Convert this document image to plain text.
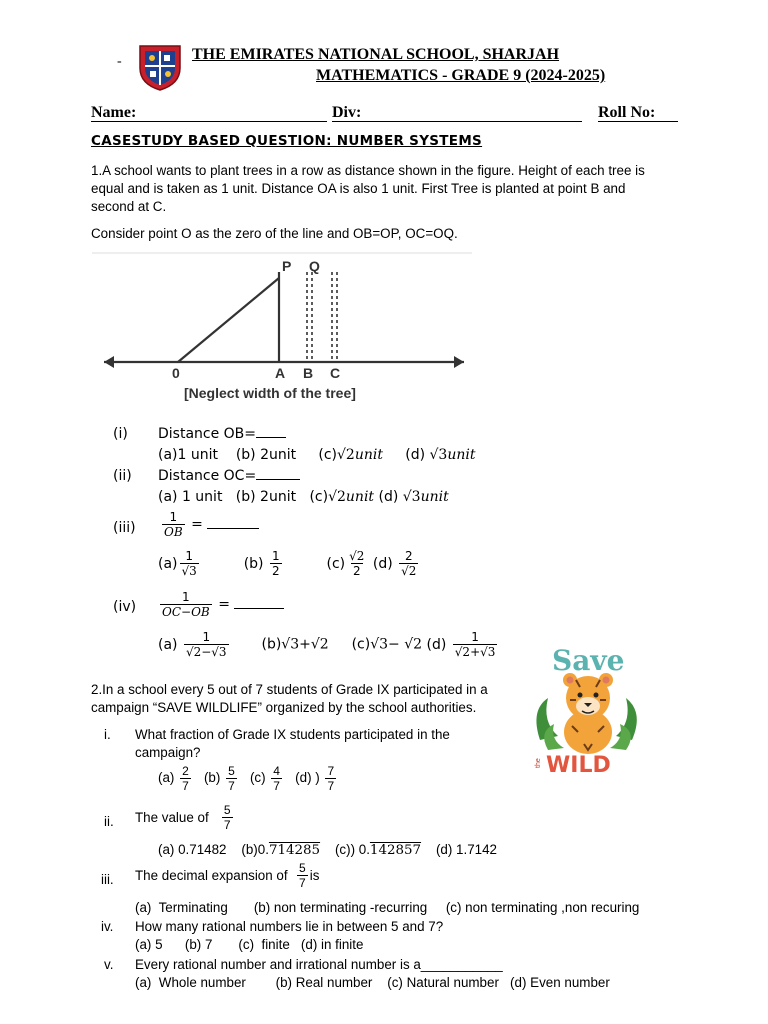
-	THE EMIRATES NATIONAL SCHOOL, SHARJAH
MATHEMATICS - GRADE 9 (2024-2025)
Name:	Div:	Roll No:
CASESTUDY BASED QUESTION: NUMBER SYSTEMS
1.A school wants to plant trees in a row as distance shown in the figure. Height of each tree is
equal and is taken as 1 unit. Distance OA is also 1 unit. First Tree is planted at point B and
second at C.
Consider point O as the zero of the line and OB=OP, OC=OQ.
P Q
0	A B C
[Neglect width of the tree]
(i) Distance OB=
(a)1 unit (b) 2unit (c)√2unit (d) √3unit
(ii) Distance OC=
(a) 1 unit (b) 2unit (c)√2unit (d) √3unit
$(iii) \frac{1}{OB}$ =
$(a) \frac{1}{√3}$	$(b) \frac{1}{2}$	$(c) \frac{√2}{2} (d) \frac{2}{√2}$
$(iv) \frac{1}{OC-OB}$ =
$(a) \frac{1}{√2-√3} (b)√3+√2$ (c)√3− √2 $(d) \frac{1}{√2+√3}$ Save
the WILD
2.In a school every 5 out of 7 students of Grade IX participated in a
campaign “SAVE WILDLIFE” organized by the school authorities.
i. What fraction of Grade IX students participated in the
campaign?
$(a) \frac{2}{7} (b) \frac{5}{7} (c) \frac{4}{7} (d)$ ) $\frac{7}{7}$
ii. The value of $\frac{5}{7}$
(a) 0.71482 (b)0.714285 (c)) 0.142857 (d) 1.7142
iii. The decimal expansion of $\frac{5}{7}$ is
(a)  Terminating       (b) non terminating -recurring     (c) non terminating ,non recuring
iv. How many rational numbers lie in between 5 and 7?
(a) 5      (b) 7       (c)  finite   (d) in finite
v. Every rational number and irrational number is a___________
(a)  Whole number        (b) Real number    (c) Natural number   (d) Even number
